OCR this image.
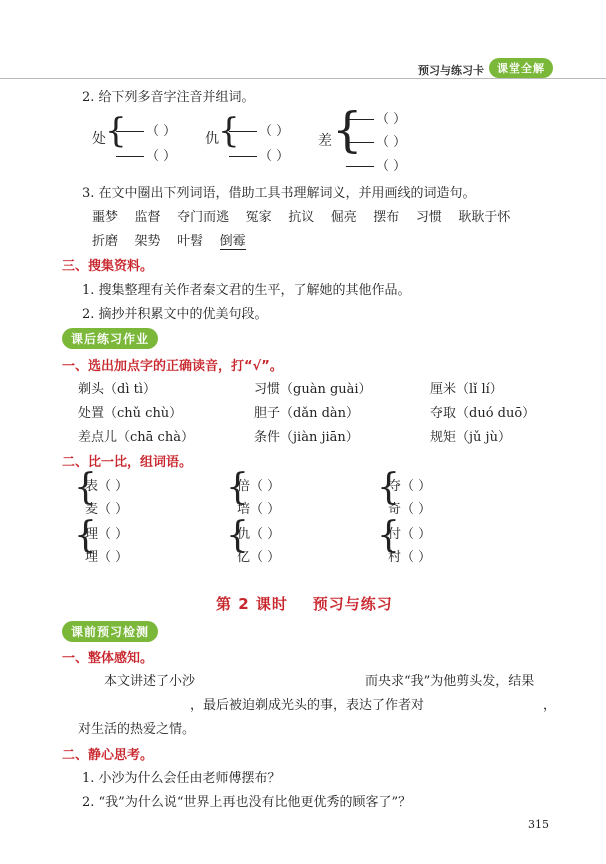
预习与练习卡	课堂全解
2. 给下列多音字注音并组词。
处 {	（ ）
（ ）
仇 {	（ ）
（ ）
差 {	（ ）
（ ）
（ ）
3. 在文中圈出下列词语，借助工具书理解词义，并用画线的词造句。
噩梦 监督 夺门而逃 冤家 抗议 倔亮 摆布 习惯 耿耿于怀
折磨 架势 叶髫 倒霉
三、搜集资料。
1. 搜集整理有关作者秦文君的生平，了解她的其他作品。
2. 摘抄并积累文中的优美句段。
课后练习作业
一、选出加点字的正确读音，打“√”。
剃头（dì tì）	习惯（guàn guài）	厘米（lǐ lí）
处置（chǔ chù）	胆子（dǎn dàn）	夺取（duó duō）
差点儿（chā chà）	条件（jiàn jiān）	规矩（jǔ jù）
二、比一比，组词语。
{
表（ ）
麦（ ）
{
倍（ ）
培（ ）
{
夺（ ）
奇（ ）
{
理（ ）
埋（ ）
{
仇（ ）
亿（ ）
{
付（ ）
村（ ）
第 2 课时 预习与练习
课前预习检测
一、整体感知。
本文讲述了小沙	而央求“我”为他剪头发，结果
，最后被迫剃成光头的事，表达了作者对	，
对生活的热爱之情。
二、静心思考。
1. 小沙为什么会任由老师傅摆布？
2. “我”为什么说“世界上再也没有比他更优秀的顾客了”？
315
